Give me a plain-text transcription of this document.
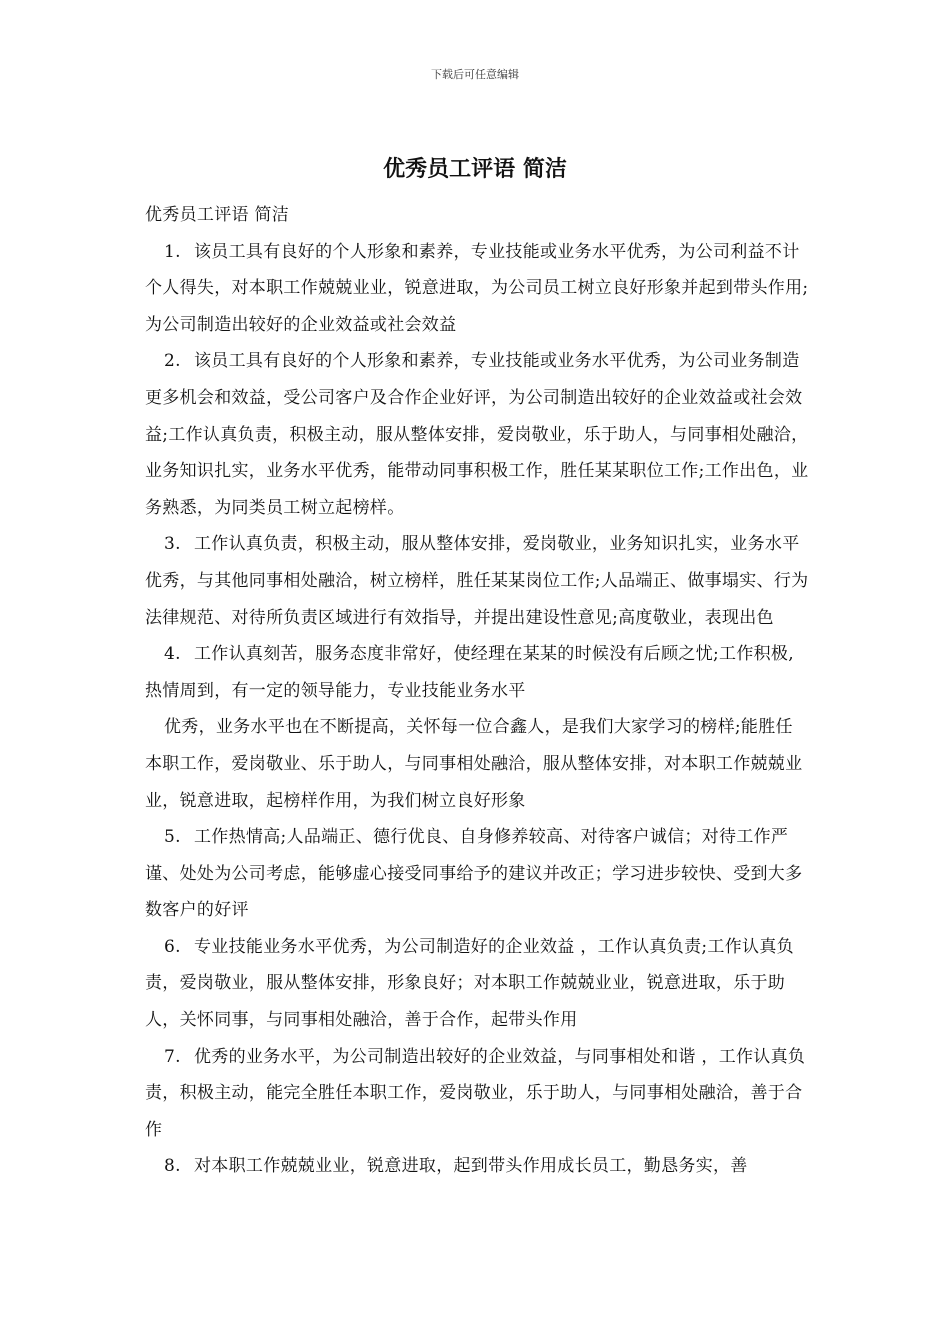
下载后可任意编辑
优秀员工评语 简洁

优秀员工评语 简洁

1. 该员工具有良好的个人形象和素养，专业技能或业务水平优秀，为公司利益不计个人得失，对本职工作兢兢业业，锐意进取，为公司员工树立良好形象并起到带头作用;为公司制造出较好的企业效益或社会效益

2. 该员工具有良好的个人形象和素养，专业技能或业务水平优秀，为公司业务制造更多机会和效益，受公司客户及合作企业好评，为公司制造出较好的企业效益或社会效益;工作认真负责，积极主动，服从整体安排，爱岗敬业，乐于助人，与同事相处融洽，业务知识扎实，业务水平优秀，能带动同事积极工作，胜任某某职位工作;工作出色，业务熟悉，为同类员工树立起榜样。

3. 工作认真负责，积极主动，服从整体安排，爱岗敬业，业务知识扎实，业务水平优秀，与其他同事相处融洽，树立榜样，胜任某某岗位工作;人品端正、做事塌实、行为法律规范、对待所负责区域进行有效指导，并提出建设性意见;高度敬业，表现出色

4. 工作认真刻苦，服务态度非常好，使经理在某某的时候没有后顾之忧;工作积极,热情周到，有一定的领导能力，专业技能业务水平

优秀，业务水平也在不断提高，关怀每一位合鑫人，是我们大家学习的榜样;能胜任本职工作，爱岗敬业、乐于助人，与同事相处融洽，服从整体安排，对本职工作兢兢业业，锐意进取，起榜样作用，为我们树立良好形象

5. 工作热情高;人品端正、德行优良、自身修养较高、对待客户诚信；对待工作严谨、处处为公司考虑，能够虚心接受同事给予的建议并改正；学习进步较快、受到大多数客户的好评

6. 专业技能业务水平优秀，为公司制造好的企业效益 ，工作认真负责;工作认真负责，爱岗敬业，服从整体安排，形象良好；对本职工作兢兢业业，锐意进取，乐于助人，关怀同事，与同事相处融洽，善于合作，起带头作用

7. 优秀的业务水平，为公司制造出较好的企业效益，与同事相处和谐 ，工作认真负责，积极主动，能完全胜任本职工作，爱岗敬业，乐于助人，与同事相处融洽，善于合作

8. 对本职工作兢兢业业，锐意进取，起到带头作用成长员工，勤恳务实，善
